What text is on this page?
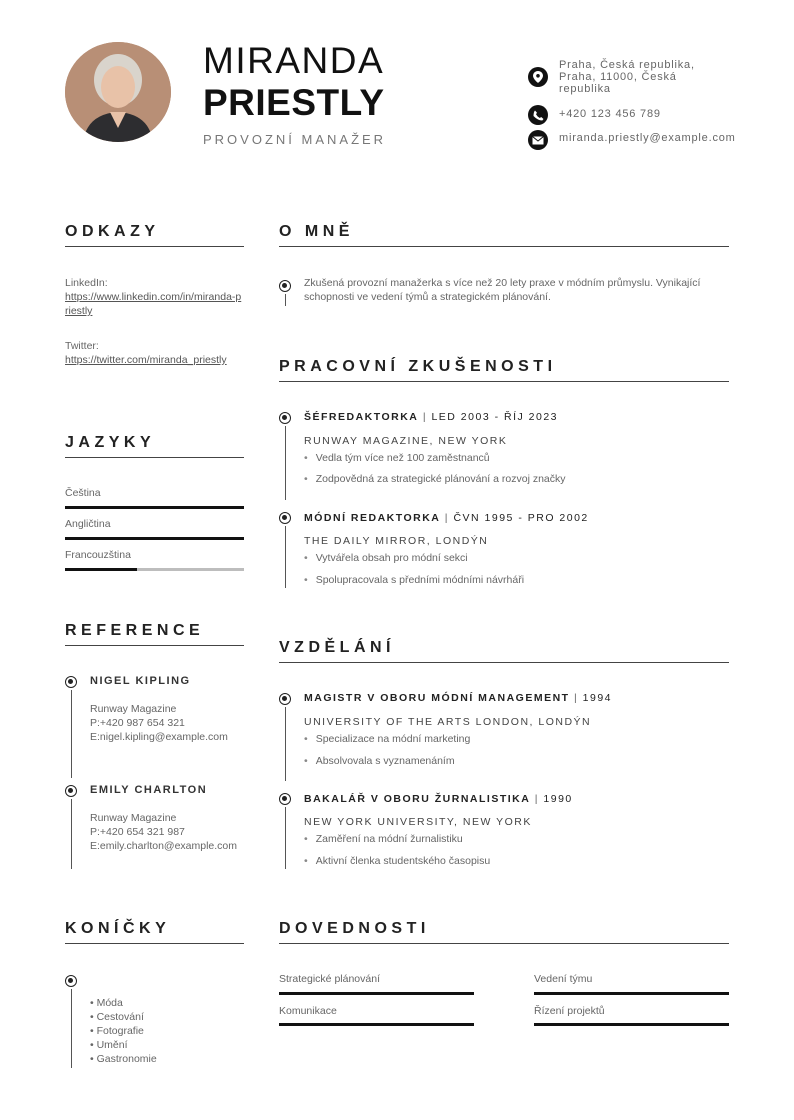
MIRANDA
PRIESTLY
PROVOZNÍ MANAŽER
Praha, Česká republika, Praha, 11000, Česká republika
+420 123 456 789
miranda.priestly@example.com
ODKAZY
LinkedIn:
https://www.linkedin.com/in/miranda-priestly
Twitter:
https://twitter.com/miranda_priestly
JAZYKY
Čeština
Angličtina
Francouzština
REFERENCE
NIGEL KIPLING
Runway Magazine
P:+420 987 654 321
E:nigel.kipling@example.com
EMILY CHARLTON
Runway Magazine
P:+420 654 321 987
E:emily.charlton@example.com
KONÍČKY
• Móda
• Cestování
• Fotografie
• Umění
• Gastronomie
O MNĚ
Zkušená provozní manažerka s více než 20 lety praxe v módním průmyslu. Vynikající schopnosti ve vedení týmů a strategickém plánování.
PRACOVNÍ ZKUŠENOSTI
ŠÉFREDAKTORKA | LED 2003 - ŘÍJ 2023
RUNWAY MAGAZINE, NEW YORK
• Vedla tým více než 100 zaměstnanců
• Zodpovědná za strategické plánování a rozvoj značky
MÓDNÍ REDAKTORKA | ČVN 1995 - PRO 2002
THE DAILY MIRROR, LONDÝN
• Vytvářela obsah pro módní sekci
• Spolupracovala s předními módními návrháři
VZDĚLÁNÍ
MAGISTR V OBORU MÓDNÍ MANAGEMENT | 1994
UNIVERSITY OF THE ARTS LONDON, LONDÝN
• Specializace na módní marketing
• Absolvovala s vyznamenáním
BAKALÁŘ V OBORU ŽURNALISTIKA | 1990
NEW YORK UNIVERSITY, NEW YORK
• Zaměření na módní žurnalistiku
• Aktivní členka studentského časopisu
DOVEDNOSTI
Strategické plánování	Vedení týmu
Komunikace	Řízení projektů
